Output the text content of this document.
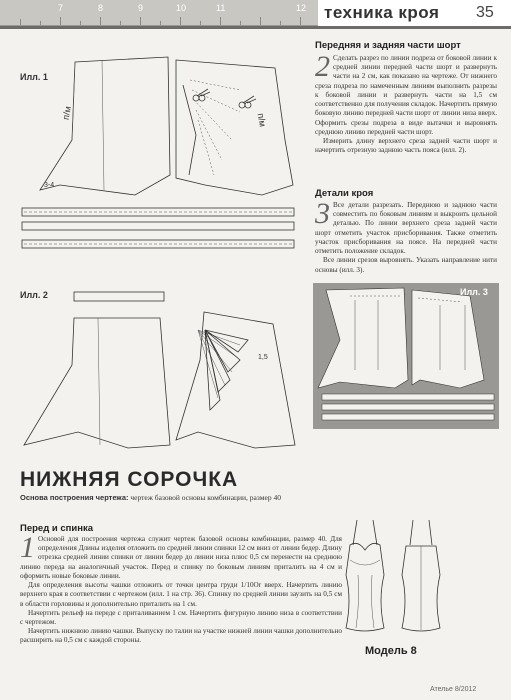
7	8	9	10	11	12 техника кроя 35
Илл. 1
п/м	п/м
3-4
Илл. 2
1,5
Передняя и задняя части шорт
2 Сделать разрез по линии подреза от боковой линии к средней линии передней части шорт и развернуть части на 2 см, как показано на чертеже. От нижнего среза подреза по намеченным линиям выполнить разрезы к боковой линии и развернуть части на 1,5 см соответственно для получения складок. Начертить прямую боковую линию передней части шорт от линии низа вверх. Оформить срезы подреза в виде вытачки и выровнять среднюю линию передней части шорт.

Измерить длину верхнего среза задней части шорт и начертить отрезную заднюю часть пояса (илл. 2).

Детали кроя
3 Все детали разрезать. Переднюю и заднюю части совместить по боковым линиям и выкроить цельной деталью. По линии верхнего среза задней части шорт отметить участок присборивания. Также отметить участок присборивания на поясе. На передней части отметить положение складок.

Все линии срезов выровнять. Указать направление нити основы (илл. 3).

Илл. 3
НИЖНЯЯ СОРОЧКА
Основа построения чертежа: чертеж базовой основы комбинации, размер 40
Перед и спинка
1 Основой для построения чертежа служит чертеж базовой основы комбинации, размер 40. Для определения Длины изделия отложить по средней линии спинки 12 см вниз от линии бедер. Длину отрезка средней линии спинки от линии бедер до линии низа плюс 0,5 см перенести на среднюю линию переда на аналогичный участок. Перед и спинку по боковым линиям приталить на 4 см и оформить новые боковые линии.

Для определения высоты чашки отложить от точки центра груди 1/10Or вверх. Начертить линию верхнего края в соответствии с чертежом (илл. 1 на стр. 36). Спинку по средней линии заузить на 0,5 см в области горловины и дополнительно приталить на 1 см.

Начертить рельеф на переде с приталиванием 1 см. Начертить фигурную линию низа в соответствии с чертежом.

Начертить нижнюю линию чашки. Выпуску по талии на участке нижней линии чашки дополнительно расширить на 0,5 см с каждой стороны.

Модель 8
Ателье 8/2012
